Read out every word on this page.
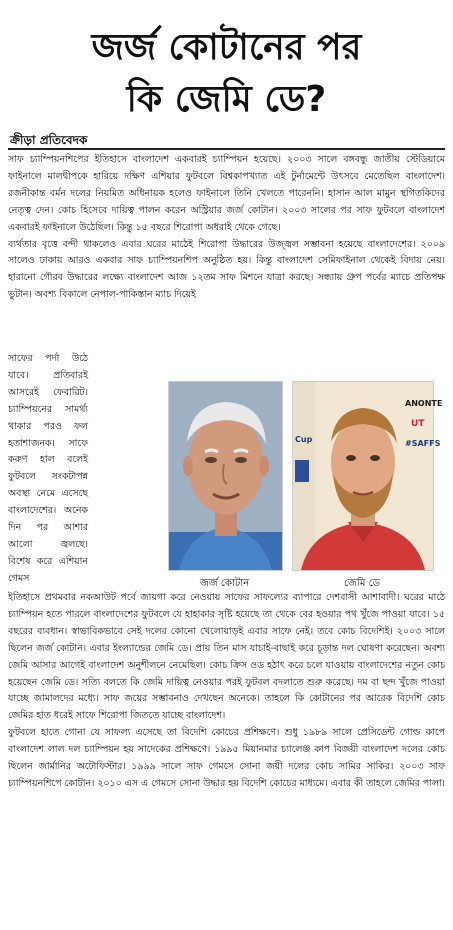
জর্জ কোটানের পর
কি জেমি ডে?
ক্রীড়া প্রতিবেদক

সাফ চ্যাম্পিয়নশিপের ইতিহাসে বাংলাদেশ একবারই চ্যাম্পিয়ন হয়েছে। ২০০৩ সালে বঙ্গবন্ধু জাতীয় স্টেডিয়ামে ফাইনালে মালদ্বীপকে হারিয়ে দক্ষিণ এশিয়ার ফুটবলে বিশ্বকাপখ্যাত এই টুর্নামেন্টে উৎসবে মেতেছিল বাংলাদেশ। রজনীকান্ত বর্মন দলের নিয়মিত অধিনায়ক হলেও ফাইনালে তিনি খেলতে পারেননি। হাসান আল মামুন স্থগিতকিদের নেতৃত্ব দেন। কোচ হিসেবে দায়িত্ব পালন করেন অস্ট্রিয়ার জর্জ কোটান। ২০০৩ সালের পর সাফ ফুটবলে বাংলাদেশ একবারই ফাইনালে উঠেছিল। কিন্তু ১৫ বছরে শিরোপা অধরাই থেকে গেছে।

ব্যর্থতার বৃত্তে বন্দী থাকলেও এবার ঘরের মাঠেই শিরোপা উদ্ধারের উজ্জ্বল সম্ভাবনা হয়েছে বাংলাদেশের। ২০০৯ সালেও ঢাকায় আরও একবার সাফ চ্যাম্পিয়নশিপ অনুষ্ঠিত হয়। কিন্তু বাংলাদেশ সেমিফাইনাল থেকেই বিদায় নেয়। হারানো গৌরব উদ্ধারের লক্ষ্যে বাংলাদেশ আজ ১২তম সাফ মিশনে যাত্রা করছে। সন্ধ্যায় গ্রুপ পর্বের ম্যাচে প্রতিপক্ষ ভুটান। অবশ্য বিকালে নেপাল-পাকিস্তান ম্যাচ দিয়েই

সাফের পর্দা উঠে যাবে। প্রতিবারই আসরেই ফেবারিট। চ্যাম্পিয়নের সামর্থ্য থাকার পরও ফল হতাশাজনক। সাফে করুণ হাল বলেই ফুটবলে সংকটাপন্ন অবস্থা নেমে এসেছে বাংলাদেশের। অনেক দিন পর আশার আলো জ্বলছে। বিশেষ করে এশিয়ান গেমস
ANONTE
UT
#SAFFS
Cup
জর্জ কোটান	জেমি ডে

ইতিহাসে প্রথমবার নকআউট পর্বে জায়গা করে নেওয়ায় সাফের সাফল্যের ব্যাপারে দেশবাসী আশাবাদী। ঘরের মাঠে চ্যাম্পিয়ন হতে পারলে বাংলাদেশের ফুটবলে যে হাহাকার সৃষ্টি হয়েছে তা থেকে বের হওয়ার পথ খুঁজে পাওয়া যাবে। ১৫ বছরের ব্যবধান। স্বাভাবিকভাবে সেই দলের কোনো খেলোয়াড়ই এবার সাফে নেই। তবে কোচ বিদেশিই। ২০০৩ সালে ছিলেন জর্জ কোটান। এবার ইংল্যান্ডের জেমি ডে। প্রায় তিন মাস যাচাই-বাছাই করে চূড়ান্ত দল ঘোষণা করেছেন। অবশ্য জেমি আসার আগেই বাংলাদেশ অনুশীলনে নেমেছিল। কোচ ক্রিস ওড হঠাৎ করে চলে যাওয়ায় বাংলাদেশের নতুন কোচ হয়েছেন জেমি ডে। সত্যি বলতে কি জেমি দায়িত্ব নেওয়ার পরই ফুটবল বদলাতে শুরু করেছে। দম বা ছন্দ খুঁজে পাওয়া যাচ্ছে জামালদের মধ্যে। সাফ জয়ের সম্ভাবনাও দেখছেন অনেকে। তাহলে কি কোটানের পর আরেক বিদেশি কোচ জেমির হাত ধরেই সাফে শিরোপা জিততে যাচ্ছে বাংলাদেশ।

ফুটবলে হাতে গোনা যে সাফল্য এসেছে তা বিদেশি কোচের প্রশিক্ষণে। শুধু ১৯৮৯ সালে প্রেসিডেন্ট গোল্ড কাপে বাংলাদেশ লাল দল চ্যাম্পিয়ন হয় সাদেকের প্রশিক্ষণে। ১৯৯৫ মিয়ানমার চ্যালেঞ্জ কাপ বিজয়ী বাংলাদেশ দলের কোচ ছিলেন জার্মানির অটোফিস্টার। ১৯৯৯ সালে সাফ গেমসে সোনা জয়ী দলের কোচ সামির সাকির। ২০০৩ সাফ চ্যাম্পিয়নশিপে কোটান। ২০১০ এস এ গেমসে সোনা উদ্ধার হয় বিদেশি কোচের মাধ্যমে। এবার কী তাহলে জেমির পালা।
